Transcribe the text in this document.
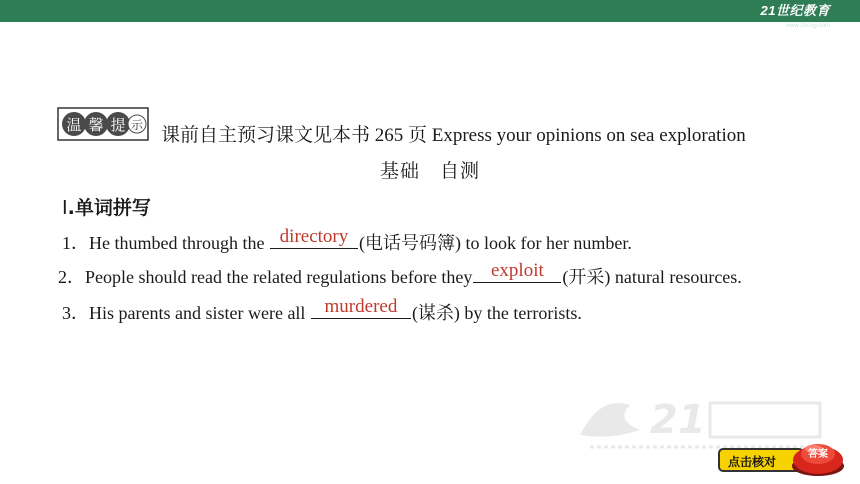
21世纪教育
www.21cnjy.com
温 馨 提 示 课前自主预习课文见本书 265 页 Express your opinions on sea exploration
基础　自测
Ⅰ.单词拼写
1．He thumbed through the directory (电话号码簿) to look for her number.
2．People should read the related regulations before they exploit	(开采) natural resources.
3．His parents and sister were all murdered (谋杀) by the terrorists.
21
点击核对
答案
